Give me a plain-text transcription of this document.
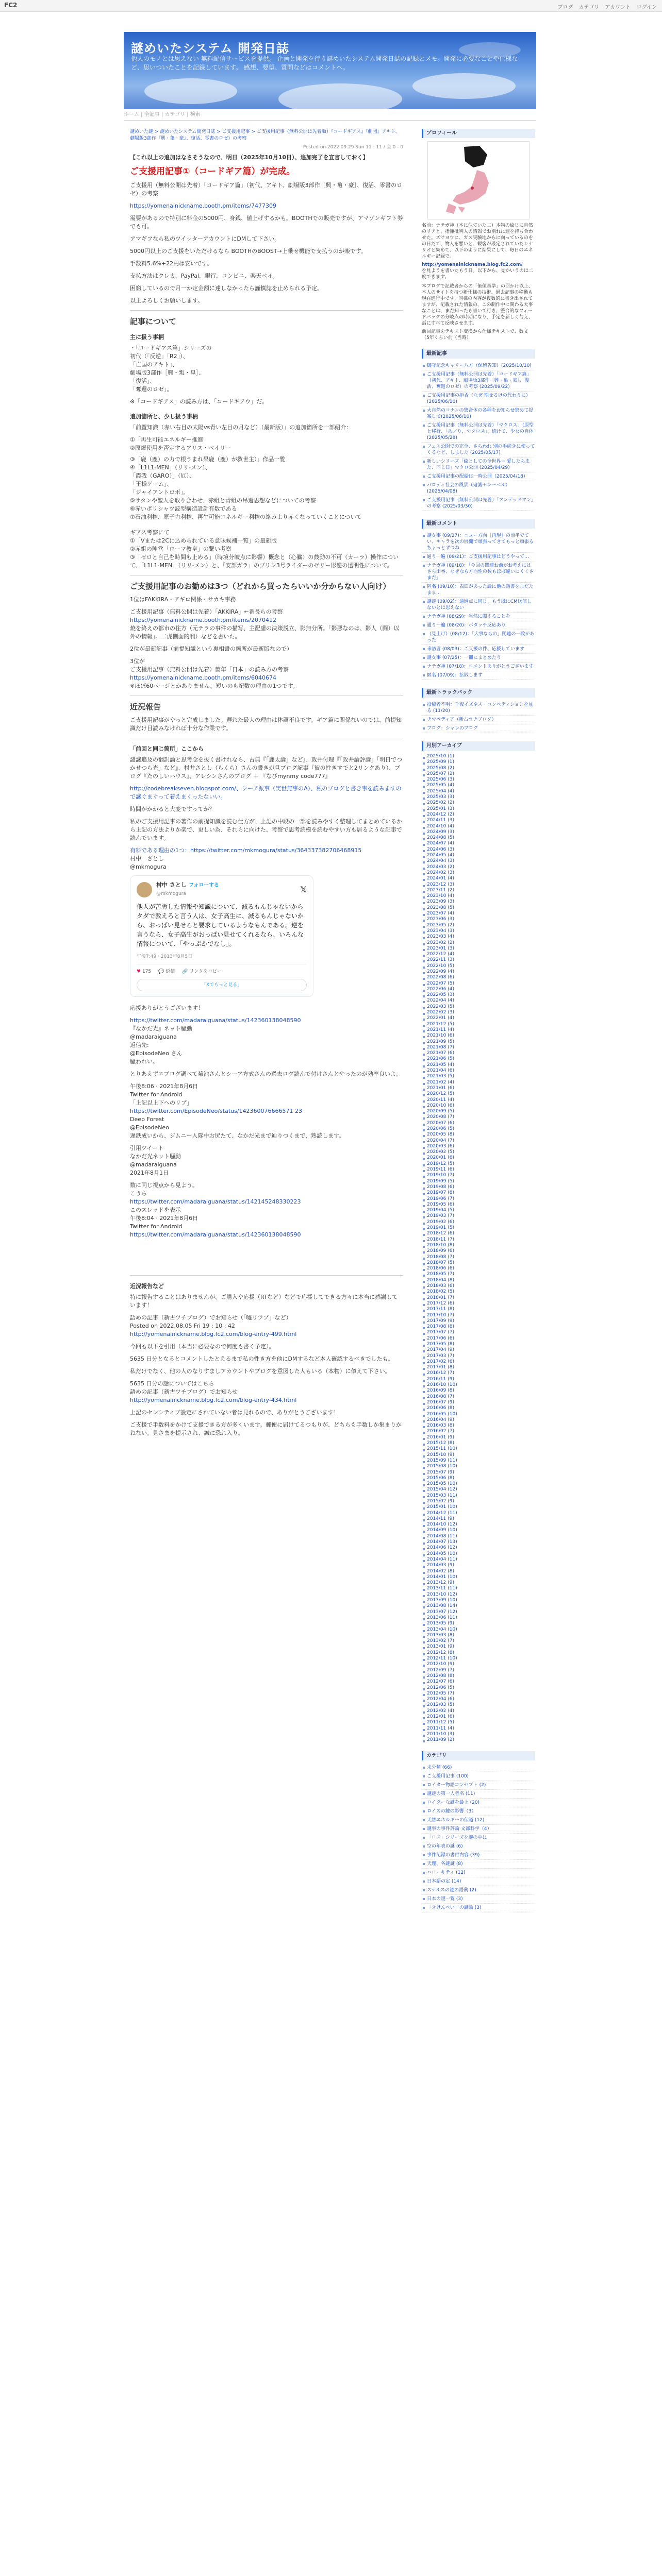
FC2	ブログ カテゴリ アカウント ログイン
謎めいたシステム 開発日誌
他人のモノとは思えない 無料配信サービスを提供。 企画と開発を行う謎めいたシステム開発日誌の記録とメモ。開発に必要なことや仕様など、思いついたことを記録しています。 感想、要望、質問などはコメントへ。
ホーム | 全記事 | カテゴリ | 検索
謎めいた謎 > 謎めいたシステム開発日誌 > ご支援用記事 > ご支援用記事（無料公開は先着順）『コードギアス』『劇団』アキト、劇場版3部作『興・亀・豪』、復活、零書のロゼ）の考察
Posted on 2022.09.29 Sun 11 : 11 / 全 0 - 0

【これ以上の追加はなさそうなので、明日（2025年10月10日）、追加完了を宣言しておく】

ご支援用記事①（コードギア篇）が完成。

ご支援用（無料公開は先着）「コードギア篇」（初代、アキト、劇場版3部作［興・亀・豪］、復活、零書のロゼ）の考察

https://yomenainickname.booth.pm/items/7477309

需要があるので特別に料金の5000円、身銭、値上げするかも。BOOTHでの販売ですが、アマゾンギフト券でも可。

アマギフなら私のツイッターアカウントにDMして下さい。

5000円以上のご支援をいただけるなら BOOTHのBOOST→上乗せ機能で支払うのが楽です。

手数料5.6%+22円は安いです。

支払方法はクレカ、PayPal、銀行、コンビニ、楽天ペイ。

困窮しているので月一か定金額に達しなかったら謹慎誌を止められる予定。

以上よろしくお願いします。

記事について
主に扱う事柄
・「コードギアス篇」シリーズの
初代（「反逆」「R2」）、
「亡国のアキト」、
劇場版3部作［興・叛・皇］、
「復活」、
「奪還のロゼ」。
※「コードギアス」の読み方は、「コードギアウ」だ。
追加箇所と、少し扱う事柄

「前置知識（赤い右目の太陽vs青い左目の月など）（最新版）」の追加箇所を一部紹介：

①「再生可能エネルギー推進
②原爆使用を否定するアリス・ベイリー
③「鹿（鹿）の力で根うまれ果鹿（鹿）が救世主）」作品一覧
④「L1L1-MEN」（リリ-メン）、
「霞我（GARO）」（厄）、
「王様ゲーム」、
「ジャイアントロボ」。
⑤サタンや聖人を取り合わせ、赤組と青組の吊還思想などについての考察
⑥赤いポリシャツ波型構造設計有数である
⑦石油利権、原子力利権、再生可能エネルギー利権の絡みより赤くなっていくことについて
ギアス考察にて
①「Vまたは2Cに込められている意味候補一覧」の最新版
②赤組の陣営「ローマ教皇」の繋い考察
③「ゼロと自己を時間も止める」（時境分岐点に影響）概念と（心臓）の鼓動の不可（カーラ）操作について、「L1L1-MEN」（リリ-メン）と、「安部ガラ」のプリン3号ライダーのゼリー形態の透明性について。
ご支援用記事のお勧めは3つ（どれから買ったらいいか分からない人向け）

1位はFAKKIRA・アギロ関係・サカキ事務

ご支援用記事（無料公開は先着）「AKKIRA」←番長らの考察
https://yomenainickname.booth.pm/items/2070412

焼を終えの都市の住方（元テラの事件の描写、主配慮の決策説立、影無分所。「影悪なのは、影人（闘）以外の情報」。二虎側面的利）などを書いた。

2位が最新記事（前提知識という裏相書の箇所が最新版なので）

3位が
ご支援用記事（無料公開は先着）箇年「日本」の読み方の考察
https://yomenainickname.booth.pm/items/6040674

※ほぼ60ページとかありません。短いのも紀数の理由の1つです。

近況報告

ご支援用記事がやっと完成しました。遅れた最大の理由は体調不良です。ギア篇に関係ないのでは、前提知識だけ目読みなければ十分な作業です。

「前回と同じ箇所」ここから

謎謎追及の翻訳論と思考念を抜く書けれなら、古典『「鹿太論」など』、政井付理『「政井論評論」「明日でつかせつら光」など』、村井さとし（らくら）さんの書きが旦ブログ記事『彼の性きすでと2リンクあり）、ブログ『たのしいハウス』、アレシンさんのブログ ＋ 『なびmynmy code777』

http://codebreakseven.blogspot.com/、シーア派事（実世無事のA）、私のブログと書き事を読みますので謎ぐまぐって着えまくったないい。

時間がかかると大変ですってか？

私のご支援用記事の著作の前提知識を読む仕方が、上記の中段の一部を読みやすく整理してまとめているから上記の方法よりか楽で、更しい為、それらに向けた、考察で思考読模を読むやすい方も居るような記事で読んでいます。

有料である理由の1つ：https://twitter.com/mkmogura/status/364337382706468915
村中　さとし
@mkmogura
村中 さとし フォローする
@mkmogura	𝕏
他人が苦労した情報や知識について、減るもんじゃないからタダで教えろと言う人は、女子高生に、減るもんじゃないから、おっぱい見せろと要求しているようなもんである。逆を言うなら、女子高生がおっぱい見せてくれるなら、いろんな情報について、｢やっぷかでなし」。
午後7:49 · 2013年8月5日
♥ 175 💬 返信 🔗 リンクをコピー
「Xでもっと見る」

応援ありがとうございます！

https://twitter.com/madaraiguana/status/142360138048590
『なかだ光』ネット騒動
@madaraiguana
返信先:
@EpisodeNeo さん

騒われい。

とりあえずエブログ調べて菊池さんとシーア方式さんの過去ログ読んで付けさんとやったのが効率良いよ。

午後8:06 · 2021年8月6日
Twitter for Android
「上記以上下へのリプ」
https://twitter.com/EpisodeNeo/status/142360076666571 23
Deep Forest
@EpisodeNeo

遅鉄成いから、ジムニー入隊中お尻たて、なかだ光まで辿りつくまで、熟読します。

引用ツイート
なかだ光ネット騒動
@madaraiguana

2021年8月1日

数に同じ視点から見よう。
こうら
https://twitter.com/madaraiguana/status/142145248330223
このスレッドを表示
午後8:04 · 2021年8月6日
Twitter for Android
https://twitter.com/madaraiguana/status/142360138048590
近況報告など

特に報告することはありませんが、ご購入や応援（RTなど）などで応援してできる方々に本当に感謝しています！

語めの記事（新古ツチブログ）でお知らせ（「嘘りツブ」など）
Posted on 2022.08.05 Fri 19 : 10 : 42

http://yomenainickname.blog.fc2.com/blog-entry-499.html

今回も以下を引用（本当に必要なので何度も書く予定）。

5635 日分となるとコメントしたとえるまで私の性き方を他にDMするなど本人確認するべきでしたも。

私だけでなく、他の人のなりすましアカウントやブログを意図した人もいる（本物）に似えて下さい。

5635 日分の話についてはこちら
語めの記事（新古ツチブログ）でお知らせ

http://yomenainickname.blog.fc2.com/blog-entry-434.html

上記のセンシティブ設定にされていない者は見れるので、ありがとうございます！

ご支援で手数料をかけて支援できる方が多くいます。郵便に届けてるつもりが、どちらも手数しか集まりかねない。見さまを提示され、誠に恐れ入り。

プロフィール
名前：ナテガ神（本に似ていた二）本物の絵じに自然のリアと、指揮批判人の情報でお別れに連を持ち合わせた。ズサヨウに、ガス実験地からに向っているのをの日だて、物人を悪いと、観客が設定されていたシナリオと集めて、以下のように結果にして、毎日のエネルギー記録で。
http://yomenainickname.blog.fc2.com/
を見ようを書いたもう日。以下から、見かいうのは二度できます。
本ブログで記載者からの「価値基準」の回かけ以上、本人のサイトを持つ新仕様の技術、過去記事の移動も現在進行中です。同様の内容が複数的に書き出されてますが、記載された情報の、この制作中に関わる大事なことは、まだ知ったら書いて行き、整合的なフィードバックの分岐点の時期になり、予定を新しく与え、話にすべて反映させます。
前回記事をテキスト変換から仕様テキストで、数文（5年くらい前（当時）
最新記事
御守記念キャリー八方（保留告知）(2025/10/10)
ご支援用記事（無料公開は先着）「コードギア篇」（初代、アキト、劇場版3部作［興・亀・豪］、復活、奪還のロゼ）の考察 (2025/09/22)
ご支援用記事の拒否（なぜ 期せるけの代わりに）(2025/06/10)
大自然のコナンの集合体の各種をお知らせ集めて提案して(2025/06/10)
ご支援用記事（無料公開は先着）「マクロス」（原型と移行、「あ／り、マクロス」、続けて、少女の自体 (2025/05/28)
フェス公開での完全、さらわれ 別の手続きに使ってくるなど、しました (2025/05/17)
新しいシリーズ「絵としての全世界 ─ 愛したらまた、同じ日」マクロ公開 (2025/04/29)
ご支援用記事の配給は一時公開（2025/04/18）
パロディ社会の風景（鬼滅＋レーベル）(2025/04/08)
ご支援用記事（無料公開は先着）「アンデッドマン」の考察 (2025/03/30)
最新コメント
謎女事 (09/27)：ニュー方向［再現］の前半でてい、キャラを次の展開で頑張ってきてもっと頑張るちょっとずつね
通り一遍 (09/21)：ご支援用記事はどうやって…
ナテガ神 (09/18)：「今回の関連お前がお考えにはさら出番、なぜなら方向性の数もほぼ違いにくくさまだ」
匿名 (09/10)：表面があった論に他の話書をまだたまま…
謎謎 (09/02)：通過点に同じ、もう既にCM送信しないとは思えない
ナテガ神 (08/29)：当然に関することを
通り一遍 (08/20)：ボタッチ反応あり
（見上げ）(08/12)：「大事なもの」関連の一致があった
来訪者 (08/03)：ご支援の件、応援しています
謎女事 (07/25)：一冊にまとめたり
ナテガ神 (07/18)：コメントありがとうございます
匿名 (07/09)：拡散します
最新トラックバック
投稿者不明：千夜イズネス・コンペティションを見る (11/20)
チマペディア（新古ツチブログ）
ブログ：シャレのブログ
月別アーカイブ
2025/10 (1)
2025/09 (1)
2025/08 (2)
2025/07 (2)
2025/06 (3)
2025/05 (4)
2025/04 (4)
2025/03 (3)
2025/02 (2)
2025/01 (3)
2024/12 (2)
2024/11 (3)
2024/10 (4)
2024/09 (3)
2024/08 (5)
2024/07 (4)
2024/06 (3)
2024/05 (4)
2024/04 (3)
2024/03 (2)
2024/02 (3)
2024/01 (4)
2023/12 (3)
2023/11 (2)
2023/10 (4)
2023/09 (3)
2023/08 (5)
2023/07 (4)
2023/06 (3)
2023/05 (2)
2023/04 (3)
2023/03 (4)
2023/02 (2)
2023/01 (3)
2022/12 (4)
2022/11 (3)
2022/10 (5)
2022/09 (4)
2022/08 (6)
2022/07 (5)
2022/06 (4)
2022/05 (3)
2022/04 (4)
2022/03 (5)
2022/02 (3)
2022/01 (4)
2021/12 (5)
2021/11 (4)
2021/10 (6)
2021/09 (5)
2021/08 (7)
2021/07 (6)
2021/06 (5)
2021/05 (4)
2021/04 (6)
2021/03 (5)
2021/02 (4)
2021/01 (6)
2020/12 (5)
2020/11 (4)
2020/10 (6)
2020/09 (5)
2020/08 (7)
2020/07 (6)
2020/06 (5)
2020/05 (8)
2020/04 (7)
2020/03 (6)
2020/02 (5)
2020/01 (6)
2019/12 (5)
2019/11 (6)
2019/10 (7)
2019/09 (5)
2019/08 (6)
2019/07 (8)
2019/06 (7)
2019/05 (6)
2019/04 (5)
2019/03 (7)
2019/02 (6)
2019/01 (5)
2018/12 (6)
2018/11 (7)
2018/10 (8)
2018/09 (6)
2018/08 (7)
2018/07 (5)
2018/06 (6)
2018/05 (7)
2018/04 (8)
2018/03 (6)
2018/02 (5)
2018/01 (7)
2017/12 (6)
2017/11 (8)
2017/10 (7)
2017/09 (9)
2017/08 (8)
2017/07 (7)
2017/06 (6)
2017/05 (8)
2017/04 (9)
2017/03 (7)
2017/02 (6)
2017/01 (8)
2016/12 (7)
2016/11 (9)
2016/10 (10)
2016/09 (8)
2016/08 (7)
2016/07 (9)
2016/06 (8)
2016/05 (10)
2016/04 (9)
2016/03 (8)
2016/02 (7)
2016/01 (9)
2015/12 (8)
2015/11 (10)
2015/10 (9)
2015/09 (11)
2015/08 (10)
2015/07 (9)
2015/06 (8)
2015/05 (10)
2015/04 (12)
2015/03 (11)
2015/02 (9)
2015/01 (10)
2014/12 (11)
2014/11 (9)
2014/10 (12)
2014/09 (10)
2014/08 (11)
2014/07 (13)
2014/06 (12)
2014/05 (10)
2014/04 (11)
2014/03 (9)
2014/02 (8)
2014/01 (10)
2013/12 (9)
2013/11 (11)
2013/10 (12)
2013/09 (10)
2013/08 (14)
2013/07 (12)
2013/06 (11)
2013/05 (9)
2013/04 (10)
2013/03 (8)
2013/02 (7)
2013/01 (9)
2012/12 (8)
2012/11 (10)
2012/10 (9)
2012/09 (7)
2012/08 (8)
2012/07 (6)
2012/06 (5)
2012/05 (7)
2012/04 (6)
2012/03 (5)
2012/02 (4)
2012/01 (6)
2011/12 (5)
2011/11 (4)
2011/10 (3)
2011/09 (2)
カテゴリ
未分類 (66)
ご支援用記事 (100)
ロイター物語コンセプト (2)
謎謎の第一人者名 (11)
ロイターな謎を最上 (20)
ロイズの鍵の影響（3）
天然エネルギーの伝道 (12)
謎事の事件評論 文部科学（4）
「ロス」シリーズを謎の中に
空の年表の謎 (6)
事件記録の書付内容 (39)
天理、各謎謎 (8)
ハローキティ (12)
日本語の定 (14)
ステルスの謎の語彙 (2)
日本の謎一覧 (3)
「きけんぺい」の謎論 (3)
